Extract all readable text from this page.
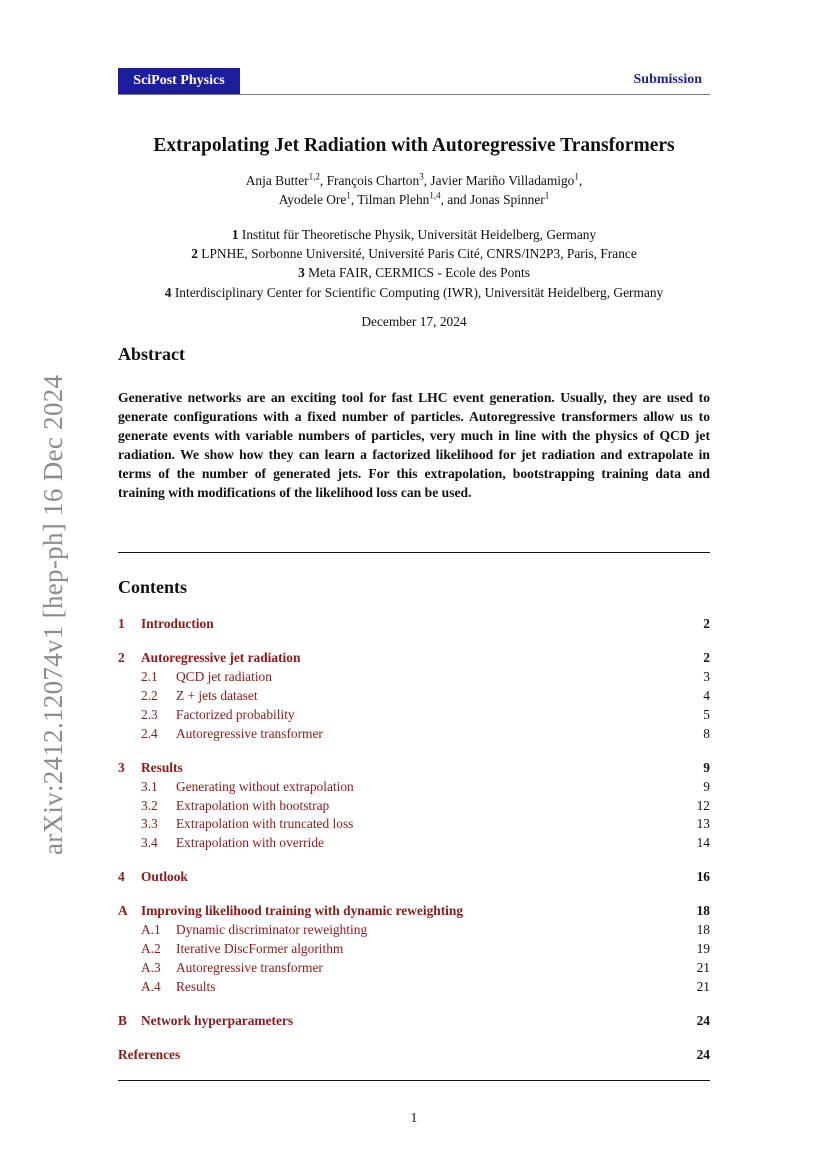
SciPost Physics	Submission
arXiv:2412.12074v1 [hep-ph] 16 Dec 2024
Extrapolating Jet Radiation with Autoregressive Transformers
Anja Butter$^{1,2}$, François Charton$^3$, Javier Mariño Villadamigo$^1$,
Ayodele Ore$^1$, Tilman Plehn$^{1,4}$, and Jonas Spinner$^1$
1 Institut für Theoretische Physik, Universität Heidelberg, Germany
2 LPNHE, Sorbonne Université, Université Paris Cité, CNRS/IN2P3, Paris, France
3 Meta FAIR, CERMICS - Ecole des Ponts
4 Interdisciplinary Center for Scientific Computing (IWR), Universität Heidelberg, Germany
December 17, 2024
Abstract
Generative networks are an exciting tool for fast LHC event generation. Usually, they are used to generate configurations with a fixed number of particles. Autoregressive transformers allow us to generate events with variable numbers of particles, very much in line with the physics of QCD jet radiation. We show how they can learn a factorized likelihood for jet radiation and extrapolate in terms of the number of generated jets. For this extrapolation, bootstrapping training data and training with modifications of the likelihood loss can be used.
Contents
1 Introduction	2
2 Autoregressive jet radiation	2
2.1 QCD jet radiation	3
2.2 Z + jets dataset	4
2.3 Factorized probability	5
2.4 Autoregressive transformer	8
3 Results	9
3.1 Generating without extrapolation	9
3.2 Extrapolation with bootstrap	12
3.3 Extrapolation with truncated loss	13
3.4 Extrapolation with override	14
4 Outlook	16
A Improving likelihood training with dynamic reweighting	18
A.1 Dynamic discriminator reweighting	18
A.2 Iterative DiscFormer algorithm	19
A.3 Autoregressive transformer	21
A.4 Results	21
B Network hyperparameters	24
References	24
1
